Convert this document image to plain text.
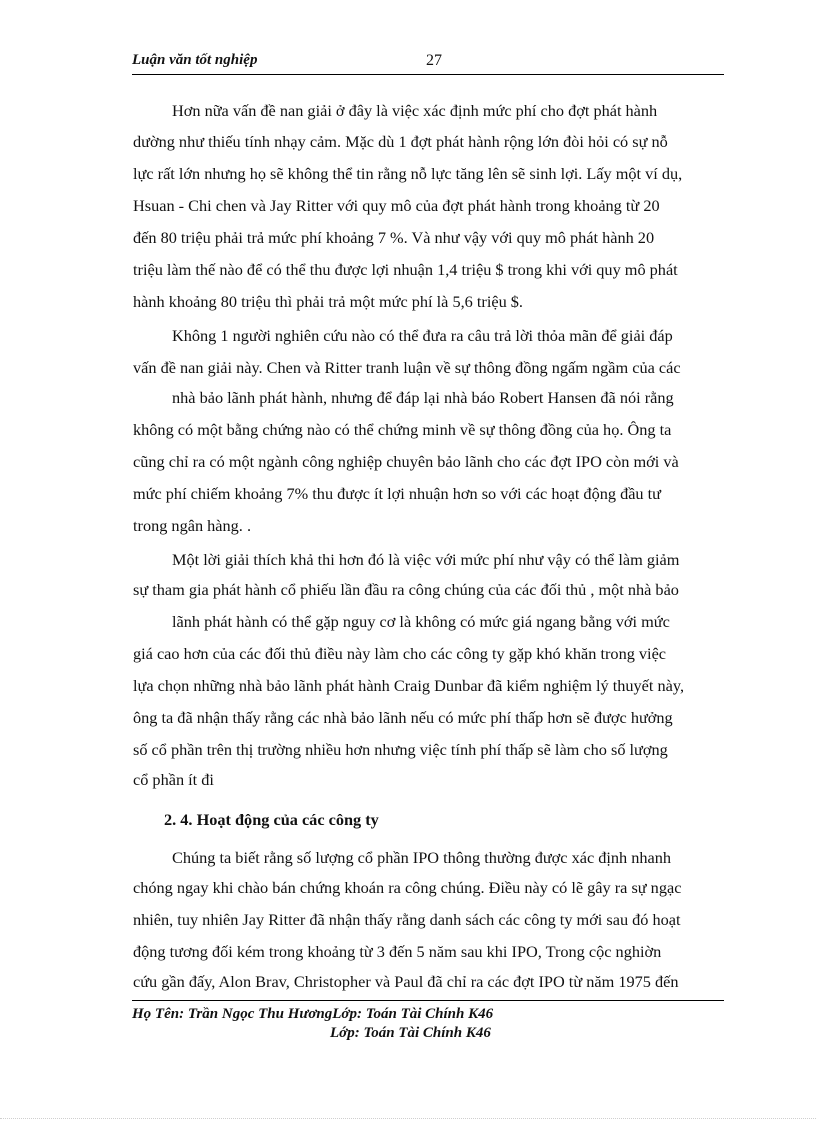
Luận văn tốt nghiệp	27
Hơn nữa vấn đề nan giải ở đây là việc xác định mức phí cho đợt phát hành
dường như thiếu tính nhạy cảm. Mặc dù 1 đợt phát hành rộng lớn đòi hỏi có sự nỗ
lực rất lớn nhưng họ sẽ không thể tin rằng nỗ lực tăng lên sẽ sinh lợi. Lấy một ví dụ,
Hsuan - Chi chen và Jay Ritter với quy mô của đợt phát hành trong khoảng từ 20
đến 80 triệu phải trả mức phí khoảng 7 %. Và như vậy với quy mô phát hành 20
triệu làm thế nào để có thể thu được lợi nhuận 1,4 triệu $ trong khi với quy mô phát
hành khoảng 80 triệu thì phải trả một mức phí là 5,6 triệu $.
Không 1 người nghiên cứu nào có thể đưa ra câu trả lời thỏa mãn để giải đáp
vấn đề nan giải này. Chen và Ritter tranh luận về sự thông đồng ngấm ngầm của các
nhà bảo lãnh phát hành, nhưng để đáp lại nhà báo Robert Hansen đã nói rằng
không có một bằng chứng nào có thể chứng minh về sự thông đồng của họ. Ông ta
cũng chỉ ra có một ngành công nghiệp chuyên bảo lãnh cho các đợt IPO còn mới và
mức phí chiếm khoảng 7% thu được ít lợi nhuận hơn so với các hoạt động đầu tư
trong ngân hàng. .
Một lời giải thích khả thi hơn đó là việc với mức phí như vậy có thể làm giảm
sự tham gia phát hành cổ phiếu lần đầu ra công chúng của các đối thủ , một nhà bảo
lãnh phát hành có thể gặp nguy cơ là không có mức giá ngang bằng với mức
giá cao hơn của các đối thủ điều này làm cho các công ty gặp khó khăn trong việc
lựa chọn những nhà bảo lãnh phát hành Craig Dunbar đã kiểm nghiệm lý thuyết này,
ông ta đã nhận thấy rằng các nhà bảo lãnh nếu có mức phí thấp hơn sẽ được hưởng
số cổ phần trên thị trường nhiều hơn nhưng việc tính phí thấp sẽ làm cho số lượng
cổ phần ít đi
2. 4. Hoạt động của các công ty
Chúng ta biết rằng số lượng cổ phần IPO thông thường được xác định nhanh
chóng ngay khi chào bán chứng khoán ra công chúng. Điều này có lẽ gây ra sự ngạc
nhiên, tuy nhiên Jay Ritter đã nhận thấy rằng danh sách các công ty mới sau đó hoạt
động tương đối kém trong khoảng từ 3 đến 5 năm sau khi IPO, Trong cộc nghiờn
cứu gần đấy, Alon Brav, Christopher và Paul đã chỉ ra các đợt IPO từ năm 1975 đến
Họ Tên: Trần Ngọc Thu HươngLớp: Toán Tài Chính K46
Lớp: Toán Tài Chính K46
